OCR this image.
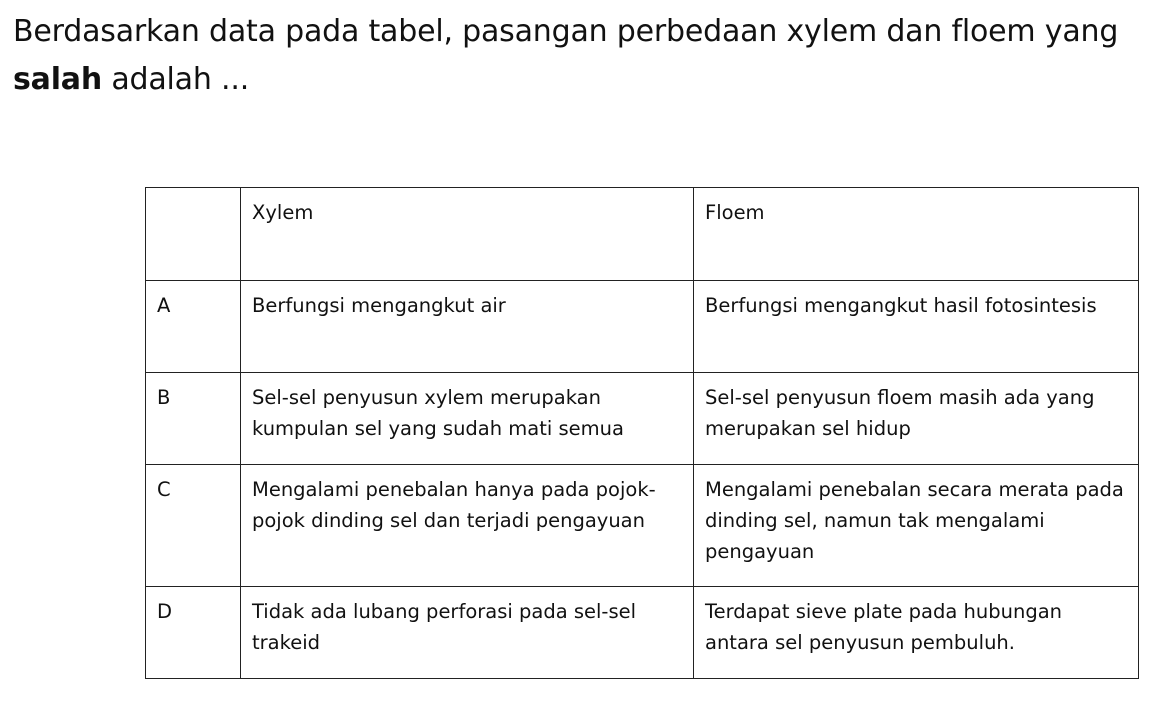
Berdasarkan data pada tabel, pasangan perbedaan xylem dan floem yang salah adalah ...

	Xylem	Floem
A	Berfungsi mengangkut air	Berfungsi mengangkut hasil fotosintesis
B	Sel-sel penyusun xylem merupakan kumpulan sel yang sudah mati semua	Sel-sel penyusun floem masih ada yang merupakan sel hidup
C	Mengalami penebalan hanya pada pojok-pojok dinding sel dan terjadi pengayuan	Mengalami penebalan secara merata pada dinding sel, namun tak mengalami pengayuan
D	Tidak ada lubang perforasi pada sel-sel trakeid	Terdapat sieve plate pada hubungan antara sel penyusun pembuluh.
